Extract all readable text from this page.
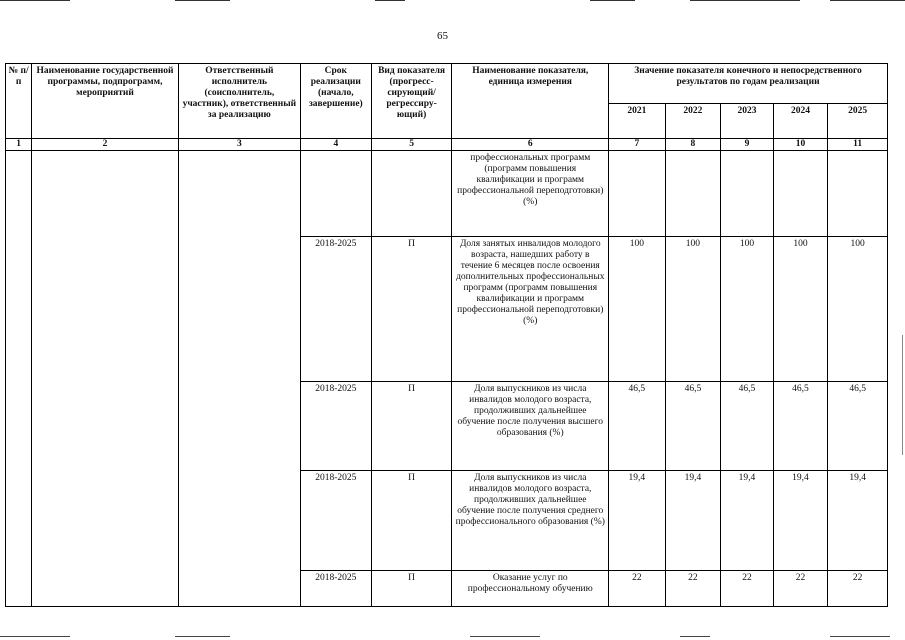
65
№ п/п	Наименование государственной программы, подпрограмм, мероприятий	Ответственный исполнитель (соисполнитель, участник), ответственный за реализацию	Срок реализации (начало, завершение)	Вид показателя (прогресс-сирующий/ регрессиру-ющий)	Наименование показателя, единица измерения	Значение показателя конечного и непосредственного результатов по годам реализации				
						2021	2022	2023	2024	2025
1	2	3	4	5	6	7	8	9	10	11
					профессиональных программ (программ повышения квалификации и программ профессиональной переподготовки) (%)					
			2018-2025	П	Доля занятых инвалидов молодого возраста, нашедших работу в течение 6 месяцев после освоения дополнительных профессиональных программ (программ повышения квалификации и программ профессиональной переподготовки) (%)	100	100	100	100	100
			2018-2025	П	Доля выпускников из числа инвалидов молодого возраста, продолживших дальнейшее обучение после получения высшего образования (%)	46,5	46,5	46,5	46,5	46,5
			2018-2025	П	Доля выпускников из числа инвалидов молодого возраста, продолживших дальнейшее обучение после получения среднего профессионального образования (%)	19,4	19,4	19,4	19,4	19,4
			2018-2025	П	Оказание услуг по профессиональному обучению	22	22	22	22	22
